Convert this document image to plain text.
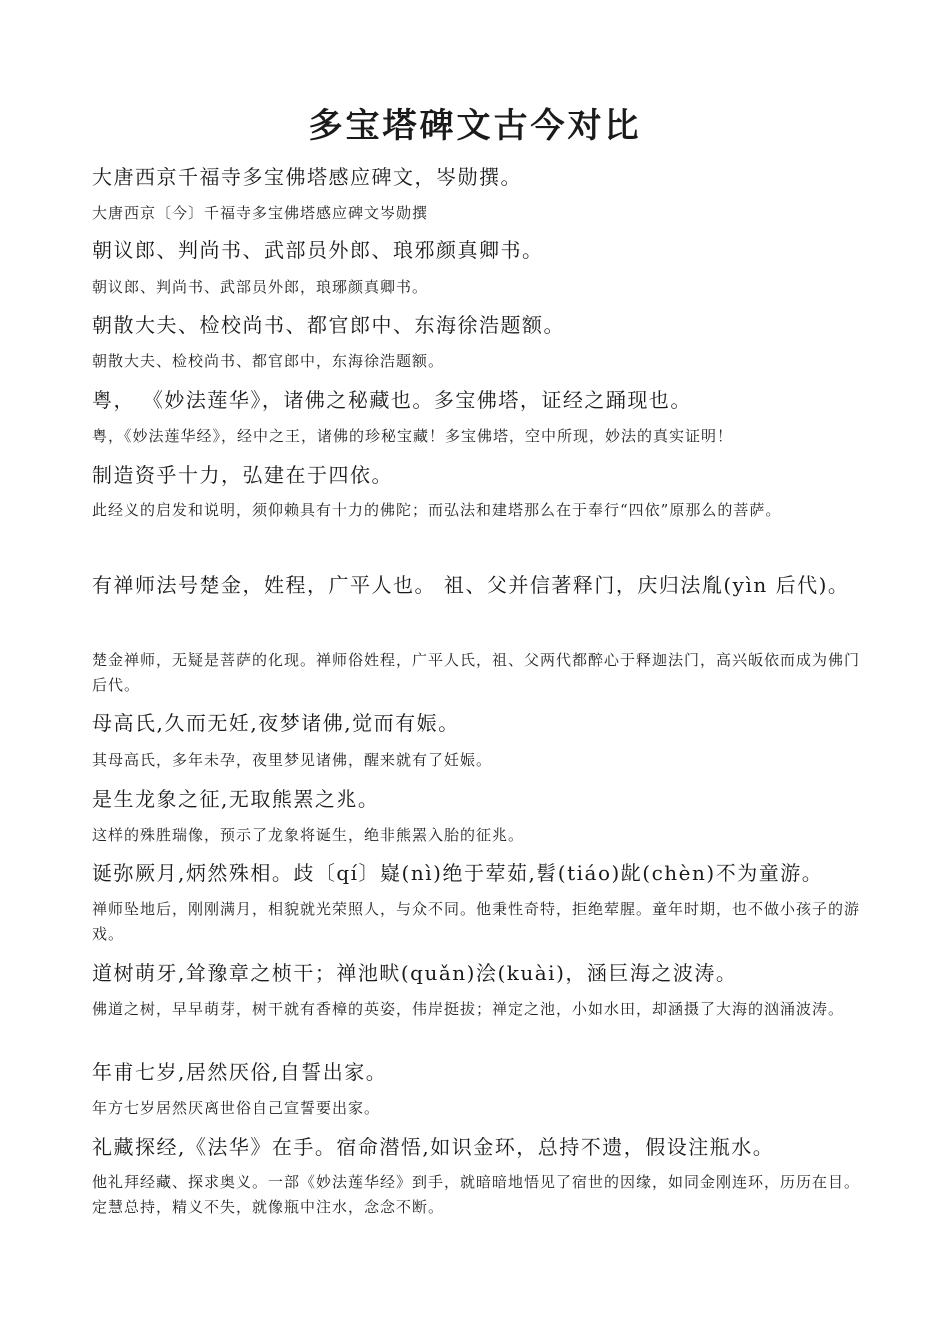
多宝塔碑文古今对比

大唐西京千福寺多宝佛塔感应碑文，岑勋撰。

大唐西京〔今〕千福寺多宝佛塔感应碑文岑勋撰

朝议郎、判尚书、武部员外郎、琅邪颜真卿书。

朝议郎、判尚书、武部员外郎，琅琊颜真卿书。

朝散大夫、检校尚书、都官郎中、东海徐浩题额。

朝散大夫、检校尚书、都官郎中，东海徐浩题额。

粤， 《妙法莲华》，诸佛之秘藏也。多宝佛塔，证经之踊现也。

粤，《妙法莲华经》，经中之王，诸佛的珍秘宝藏！多宝佛塔，空中所现，妙法的真实证明！

制造资乎十力，弘建在于四依。

此经义的启发和说明，须仰赖具有十力的佛陀；而弘法和建塔那么在于奉行“四依”原那么的菩萨。

有禅师法号楚金，姓程，广平人也。 祖、父并信著释门，庆归法胤(yìn 后代)。

楚金禅师，无疑是菩萨的化现。禅师俗姓程，广平人氏，祖、父两代都醉心于释迦法门，高兴皈依而成为佛门后代。

母高氏,久而无妊,夜梦诸佛,觉而有娠。

其母高氏，多年未孕，夜里梦见诸佛，醒来就有了妊娠。

是生龙象之征,无取熊罴之兆。

这样的殊胜瑞像，预示了龙象将诞生，绝非熊罴入胎的征兆。

诞弥厥月,炳然殊相。歧〔qí〕嶷(nì)绝于荤茹,髫(tiáo)龀(chèn)不为童游。

禅师坠地后，刚刚满月，相貌就光荣照人，与众不同。他秉性奇特，拒绝荤腥。童年时期，也不做小孩子的游戏。

道树萌牙,耸豫章之桢干；禅池畎(quǎn)浍(kuài)，涵巨海之波涛。

佛道之树，早早萌芽，树干就有香樟的英姿，伟岸挺拔；禅定之池，小如水田，却涵摄了大海的汹涌波涛。

年甫七岁,居然厌俗,自誓出家。

年方七岁居然厌离世俗自己宣誓要出家。

礼藏探经,《法华》在手。宿命潜悟,如识金环，总持不遗，假设注瓶水。

他礼拜经藏、探求奥义。一部《妙法莲华经》到手，就暗暗地悟见了宿世的因缘，如同金刚连环，历历在目。定慧总持，精义不失，就像瓶中注水，念念不断。
